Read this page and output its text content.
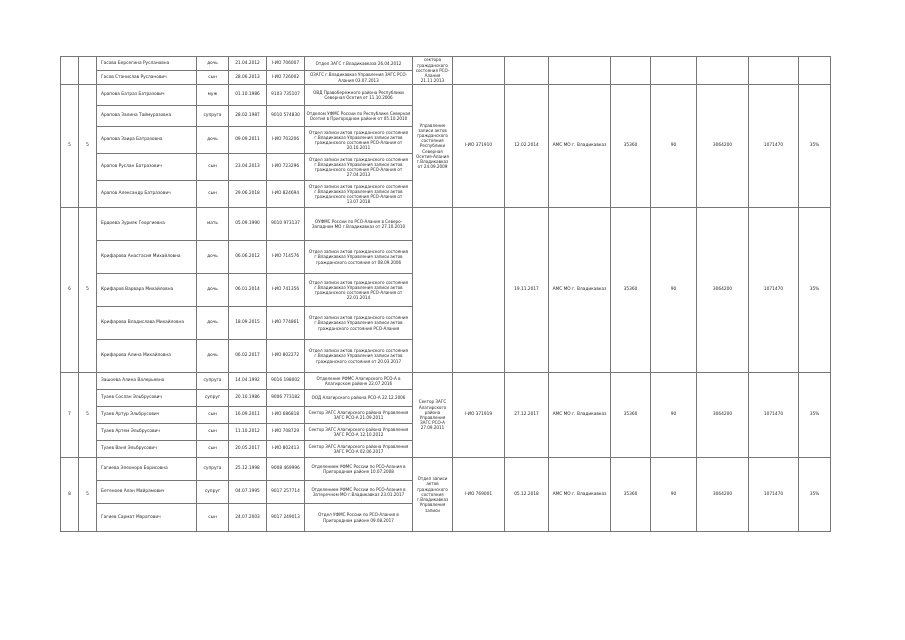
		Гасова Берсегина Руслановна	дочь	21.04.2012	I-ИО 706007	Отдел ЗАГС г.Владикавказа 26.04.2012	сектора гражданского состояния РСО-Алания 21.11.2013								
		Гасов Станислав Русланович	сын	28.06.2013	I-ИО 726002	ОЗАГС г.Владикавказ Управления ЗАГС РСО-Алания 03.07.2013									
5	5	Арапова Батраз Батразович	муж	01.10.1986	9103 735107	ОВД Правобережного района Республики Северная Осетия от 11.10.2006	Управление записи актов гражданского состояния Республики Северная Осетия-Алания г.Владикавказ от 24.09.2009	I-ИО 371910	12.02.2014	АМС МО г. Владикавказ	35360	90	3064200	1071470	35%
		Арапова Залина Таймуразовна	супруга	28.02.1987	9010 574830	Отделом УФМС России по Республике Северная Осетия в Пригородном районе от 05.10.2010									
		Арапова Заира Батразовна	дочь	09.09.2011	I-ИО 703206	Отдел записи актов гражданского состояния г.Владикавказ Управления записи актов гражданского состояния РСО-Алания от 20.10.2011									
		Арапов Руслан Батразович	сын	23.04.2013	I-ИО 723296	Отдел записи актов гражданского состояния г.Владикавказ Управления записи актов гражданского состояния РСО-Алания от 27.04.2013									
		Арапов Александр Батразович	сын	29.06.2018	I-ИО 824694	Отдел записи актов гражданского состояния г.Владикавказ Управления записи актов гражданского состояния РСО-Алания от 13.07.2018									
6	5	Ердоева Зурияк Георгиевна	мать	05.09.1990	9010 973137	ОУФМС России по РСО-Алания в Северо-Западном МО г.Владикавказ от 27.10.2010			19.11.2017	АМС МО г. Владикавказ	35360	90	3064200	1071470	35%
		Крифарова Анастасия Михайловна	дочь	06.06.2012	I-ИО 714576	Отдел записи актов гражданского состояния г.Владикавказ Управления записи актов гражданского состояния от 08.09.2006									
		Крифаров Варвара Михайловна	дочь	06.01.2014	I-ИО 741356	Отдел записи актов гражданского состояния г.Владикавказ Управления записи актов гражданского состояния РСО-Алания от 22.01.2014									
		Крифарова Владислава Михайловна	дочь	18.09.2015	I-ИО 774861	Отдел записи актов гражданского состояния г.Владикавказ Управления записи актов гражданского состояния РСО-Алания									
		Крифарова Алина Михайловна	дочь	06.02.2017	I-ИО 802272	Отдел записи актов гражданского состояния г.Владикавказ Управления записи актов гражданского состояния от 20.03.2017									
7	5	Зашоева Алина Валерьевна	супруга	14.04.1992	9016 198002	Отделение УФМС Алагирского РСО-А в Алагирском районе 22.07.2016	Сектор ЗАГС Алагирского района Управления ЗАГС РСО-А 27.09.2011	I-ИО 371919	27.12.2017	АМС МО г. Владикавказ	35360	90	3064200	1071470	35%
		Туаев Сослан Эльбрусович	супруг	20.10.1986	9006 773182	ООД Алагирского района РСО-А 22.12.2006									
		Туаев Артур Эльбрусович	сын	16.09.2011	I-ИО 686818	Сектор ЗАГС Алагирского района Управления ЗАГС РСО-А 21.09.2011									
		Туаев Артем Эльбрусович	сын	11.10.2012	I-ИО 708729	Сектор ЗАГС Алагирского района Управления ЗАГС РСО-А 12.10.2012									
		Туаев Ваня Эльбрусович	сын	20.05.2017	I-ИО 802413	Сектор ЗАГС Алагирского района Управления ЗАГС РСО-А 02.06.2017									
8	5	Гагиева Элеонора Борисовна	супруга	25.12.1998	9008 469996	Отделением УФМС России по РСО-Алания в Пригородном районе 10.07.2008	Отдел записи актов гражданского состояния г.Владикавказ Управления записи	I-ИО 769001	05.12.2018	АМС МО г. Владикавказ	35360	90	3064200	1071470	35%
		Бетеноев Алан Майрамович	супруг	04.07.1995	9017 257714	Отделением УФМС России по РСО-Алания в Затеречном МО г.Владикавказ 23.01.2017									
		Гагиев Сармат Маратович	сын	24.07.2003	9017 249013	Отдел УФМС России по РСО-Алания в Пригородном районе 09.08.2017									
